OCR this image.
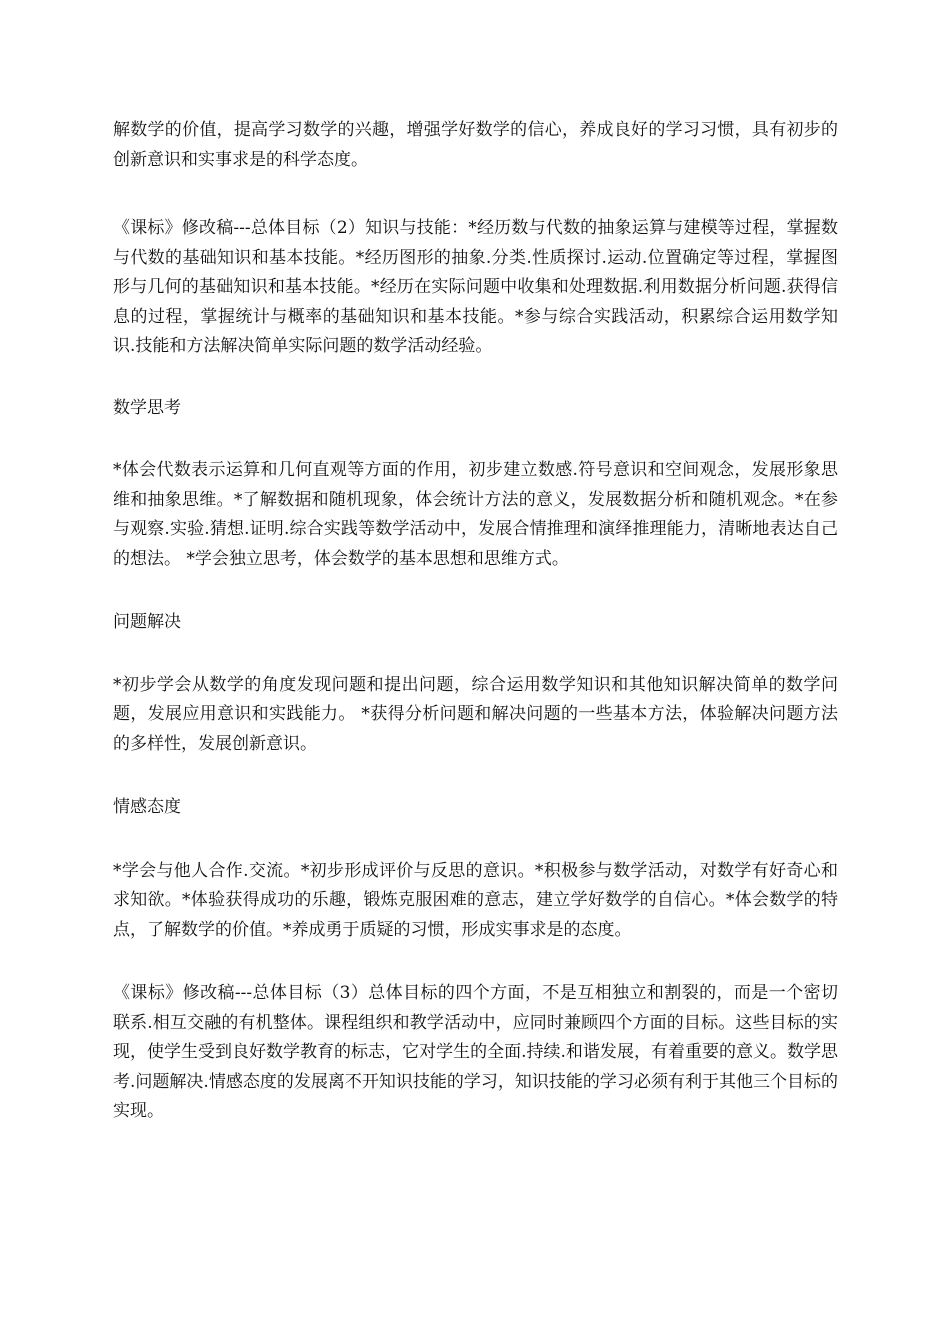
解数学的价值，提高学习数学的兴趣，增强学好数学的信心，养成良好的学习习惯，具有初步的创新意识和实事求是的科学态度。

《课标》修改稿---总体目标（2）知识与技能：*经历数与代数的抽象运算与建模等过程，掌握数与代数的基础知识和基本技能。*经历图形的抽象.分类.性质探讨.运动.位置确定等过程，掌握图形与几何的基础知识和基本技能。*经历在实际问题中收集和处理数据.利用数据分析问题.获得信息的过程，掌握统计与概率的基础知识和基本技能。*参与综合实践活动，积累综合运用数学知识.技能和方法解决简单实际问题的数学活动经验。

数学思考

*体会代数表示运算和几何直观等方面的作用，初步建立数感.符号意识和空间观念，发展形象思维和抽象思维。*了解数据和随机现象，体会统计方法的意义，发展数据分析和随机观念。*在参与观察.实验.猜想.证明.综合实践等数学活动中，发展合情推理和演绎推理能力，清晰地表达自己的想法。 *学会独立思考，体会数学的基本思想和思维方式。

问题解决

*初步学会从数学的角度发现问题和提出问题，综合运用数学知识和其他知识解决简单的数学问题，发展应用意识和实践能力。 *获得分析问题和解决问题的一些基本方法，体验解决问题方法的多样性，发展创新意识。

情感态度

*学会与他人合作.交流。*初步形成评价与反思的意识。*积极参与数学活动，对数学有好奇心和求知欲。*体验获得成功的乐趣，锻炼克服困难的意志，建立学好数学的自信心。*体会数学的特点，了解数学的价值。*养成勇于质疑的习惯，形成实事求是的态度。

《课标》修改稿---总体目标（3）总体目标的四个方面，不是互相独立和割裂的，而是一个密切联系.相互交融的有机整体。课程组织和教学活动中，应同时兼顾四个方面的目标。这些目标的实现，使学生受到良好数学教育的标志，它对学生的全面.持续.和谐发展，有着重要的意义。数学思考.问题解决.情感态度的发展离不开知识技能的学习，知识技能的学习必须有利于其他三个目标的实现。
